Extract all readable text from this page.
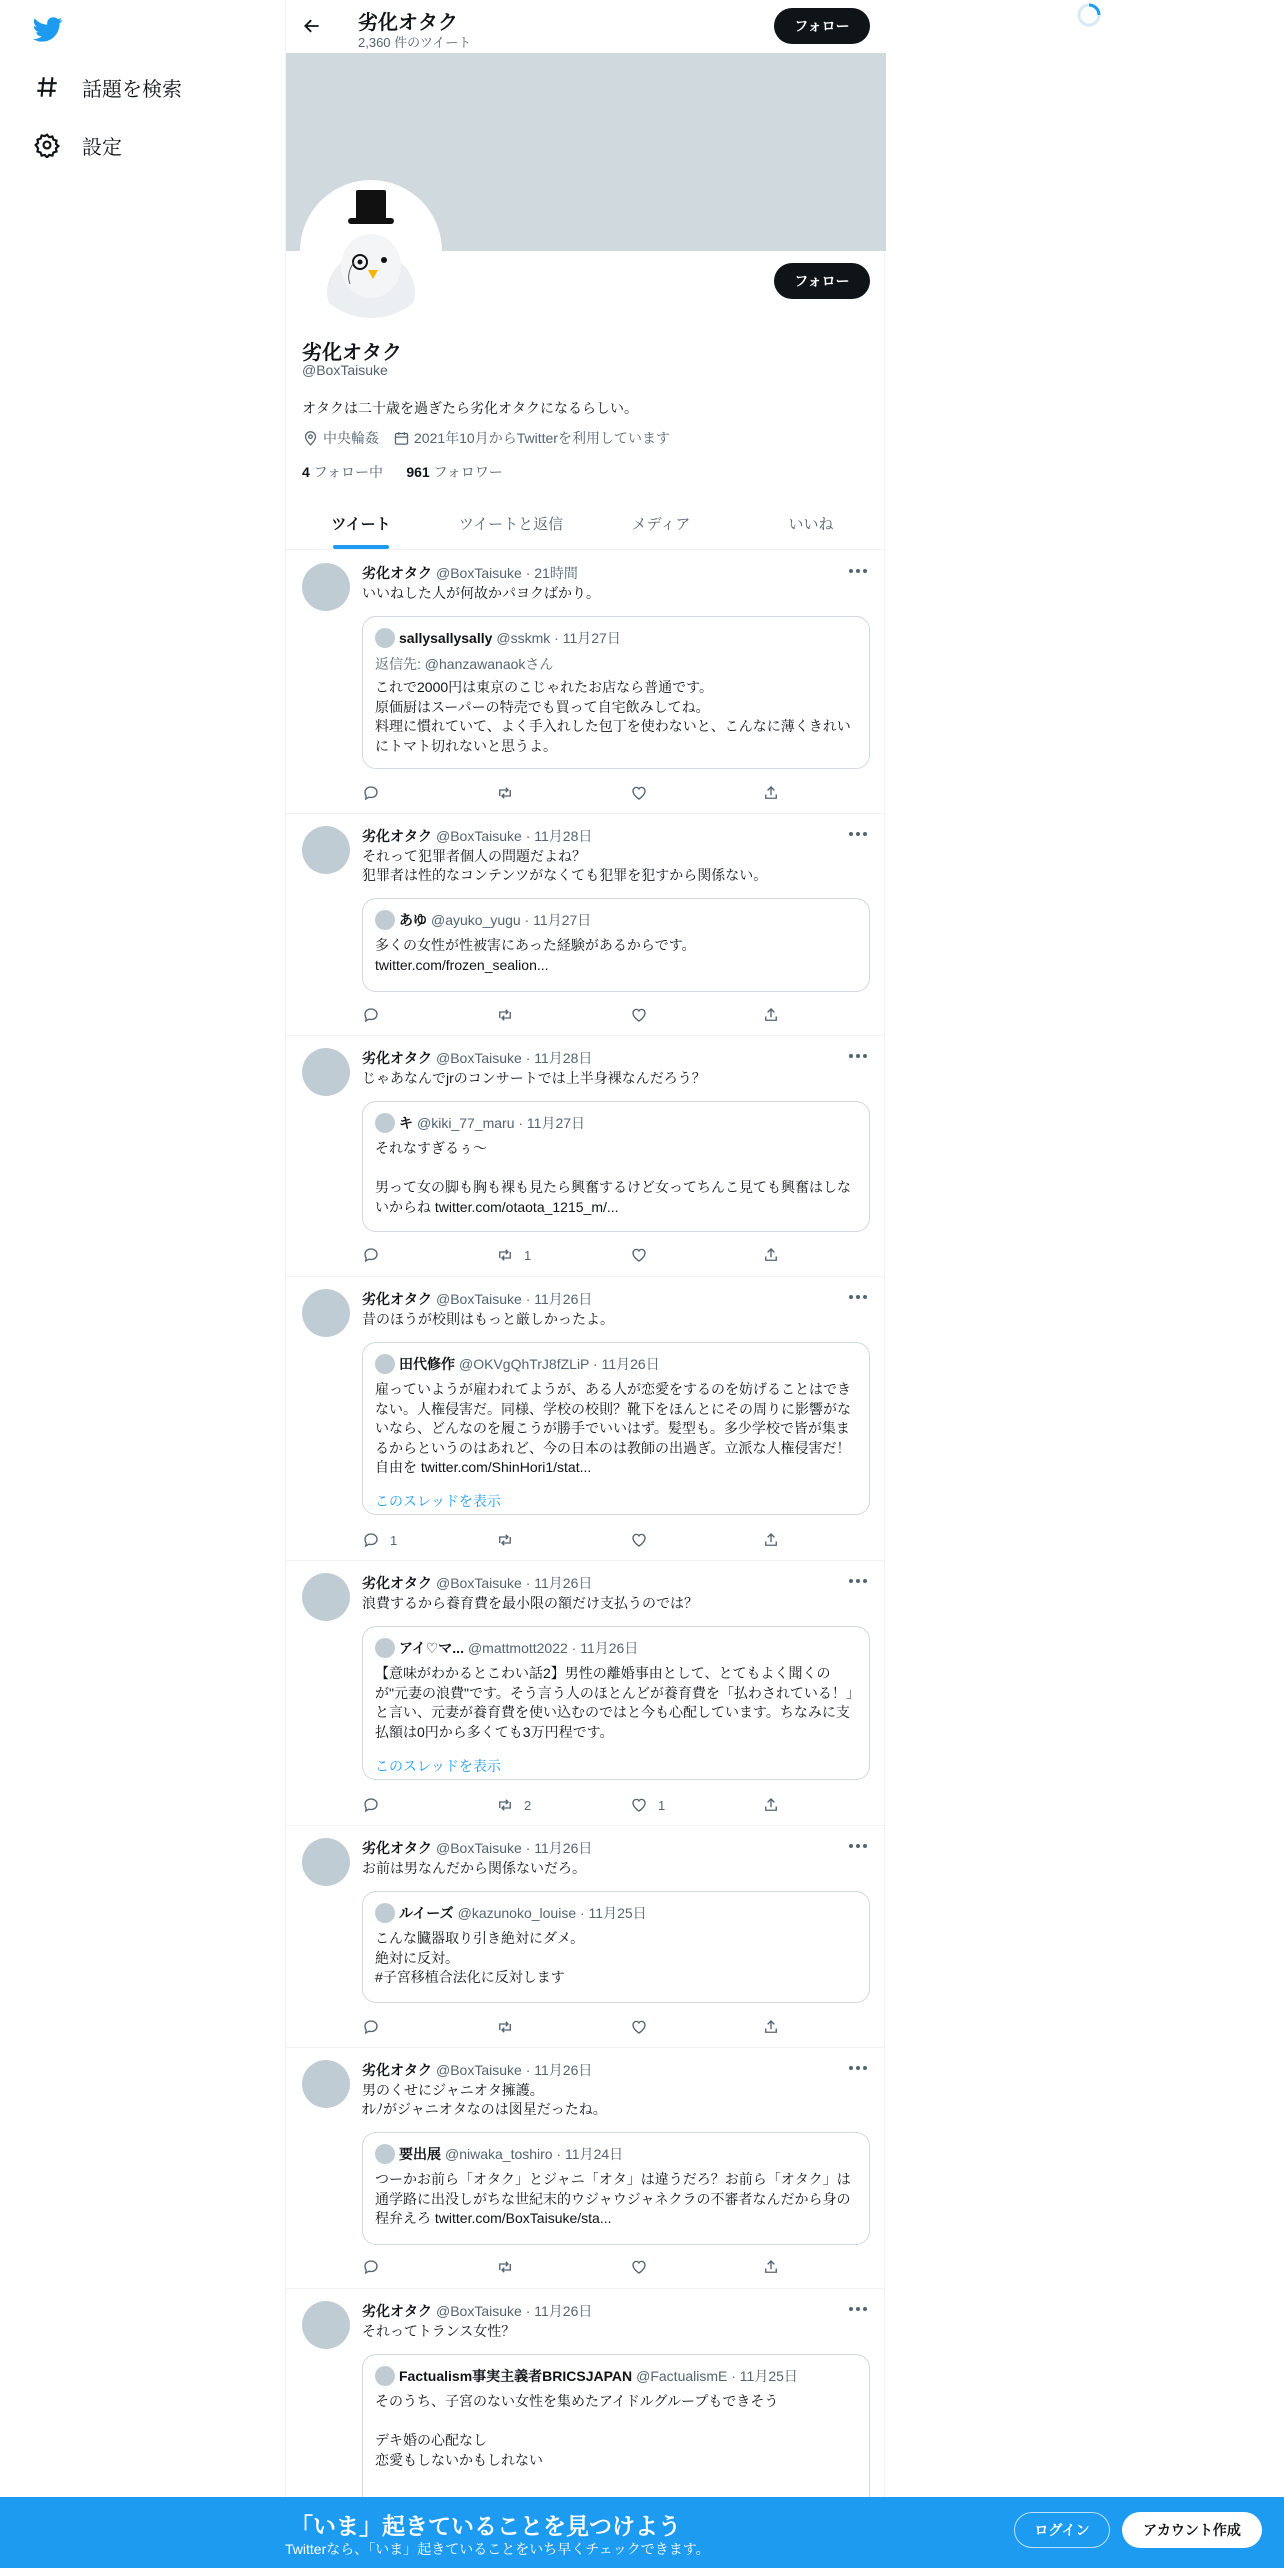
話題を検索
設定
劣化オタク
2,360 件のツイート
フォロー
フォロー
劣化オタク
@BoxTaisuke
オタクは二十歳を過ぎたら劣化オタクになるらしい。
中央輪姦	2021年10月からTwitterを利用しています
4 フォロー中 961 フォロワー
ツイート	ツイートと返信	メディア	いいね
劣化オタク @BoxTaisuke · 21時間
いいねした人が何故かパヨクばかり。
sallysallysally @sskmk · 11月27日
返信先: @hanzawanaokさん
これで2000円は東京のこじゃれたお店なら普通です。
原価厨はスーパーの特売でも買って自宅飲みしてね。
料理に慣れていて、よく手入れした包丁を使わないと、こんなに薄くきれいにトマト切れないと思うよ。
劣化オタク @BoxTaisuke · 11月28日
それって犯罪者個人の問題だよね？
犯罪者は性的なコンテンツがなくても犯罪を犯すから関係ない。
あゆ @ayuko_yugu · 11月27日
多くの女性が性被害にあった経験があるからです。
twitter.com/frozen_sealion...
劣化オタク @BoxTaisuke · 11月28日
じゃあなんでjrのコンサートでは上半身裸なんだろう？
キ @kiki_77_maru · 11月27日
それなすぎるぅ〜

男って女の脚も胸も裸も見たら興奮するけど女ってちんこ見ても興奮はしないからね twitter.com/otaota_1215_m/...
1
劣化オタク @BoxTaisuke · 11月26日
昔のほうが校則はもっと厳しかったよ。
田代修作 @OKVgQhTrJ8fZLiP · 11月26日
雇っていようが雇われてようが、ある人が恋愛をするのを妨げることはできない。人権侵害だ。同様、学校の校則？靴下をほんとにその周りに影響がないなら、どんなのを履こうが勝手でいいはず。髪型も。多少学校で皆が集まるからというのはあれど、今の日本のは教師の出過ぎ。立派な人権侵害だ！自由を twitter.com/ShinHori1/stat...
このスレッドを表示
1
劣化オタク @BoxTaisuke · 11月26日
浪費するから養育費を最小限の額だけ支払うのでは？
アイ♡マ... @mattmott2022 · 11月26日
【意味がわかるとこわい話2】男性の離婚事由として、とてもよく聞くのが"元妻の浪費"です。そう言う人のほとんどが養育費を「払わされている！」と言い、元妻が養育費を使い込むのではと今も心配しています。ちなみに支払額は0円から多くても3万円程です。
このスレッドを表示
2	1
劣化オタク @BoxTaisuke · 11月26日
お前は男なんだから関係ないだろ。
ルイーズ @kazunoko_louise · 11月25日
こんな臓器取り引き絶対にダメ。
絶対に反対。
#子宮移植合法化に反対します
劣化オタク @BoxTaisuke · 11月26日
男のくせにジャニオタ擁護。
ｵﾚﾉがジャニオタなのは図星だったね。
要出展 @niwaka_toshiro · 11月24日
つーかお前ら「オタク」とジャニ「オタ」は違うだろ？お前ら「オタク」は通学路に出没しがちな世紀末的ウジャウジャネクラの不審者なんだから身の程弁えろ twitter.com/BoxTaisuke/sta...
劣化オタク @BoxTaisuke · 11月26日
それってトランス女性？
Factualism事実主義者BRICSJAPAN @FactualismE · 11月25日
そのうち、子宮のない女性を集めたアイドルグループもできそう

デキ婚の心配なし
恋愛もしないかもしれない
「いま」起きていることを見つけよう
Twitterなら、「いま」起きていることをいち早くチェックできます。
ログイン	アカウント作成
